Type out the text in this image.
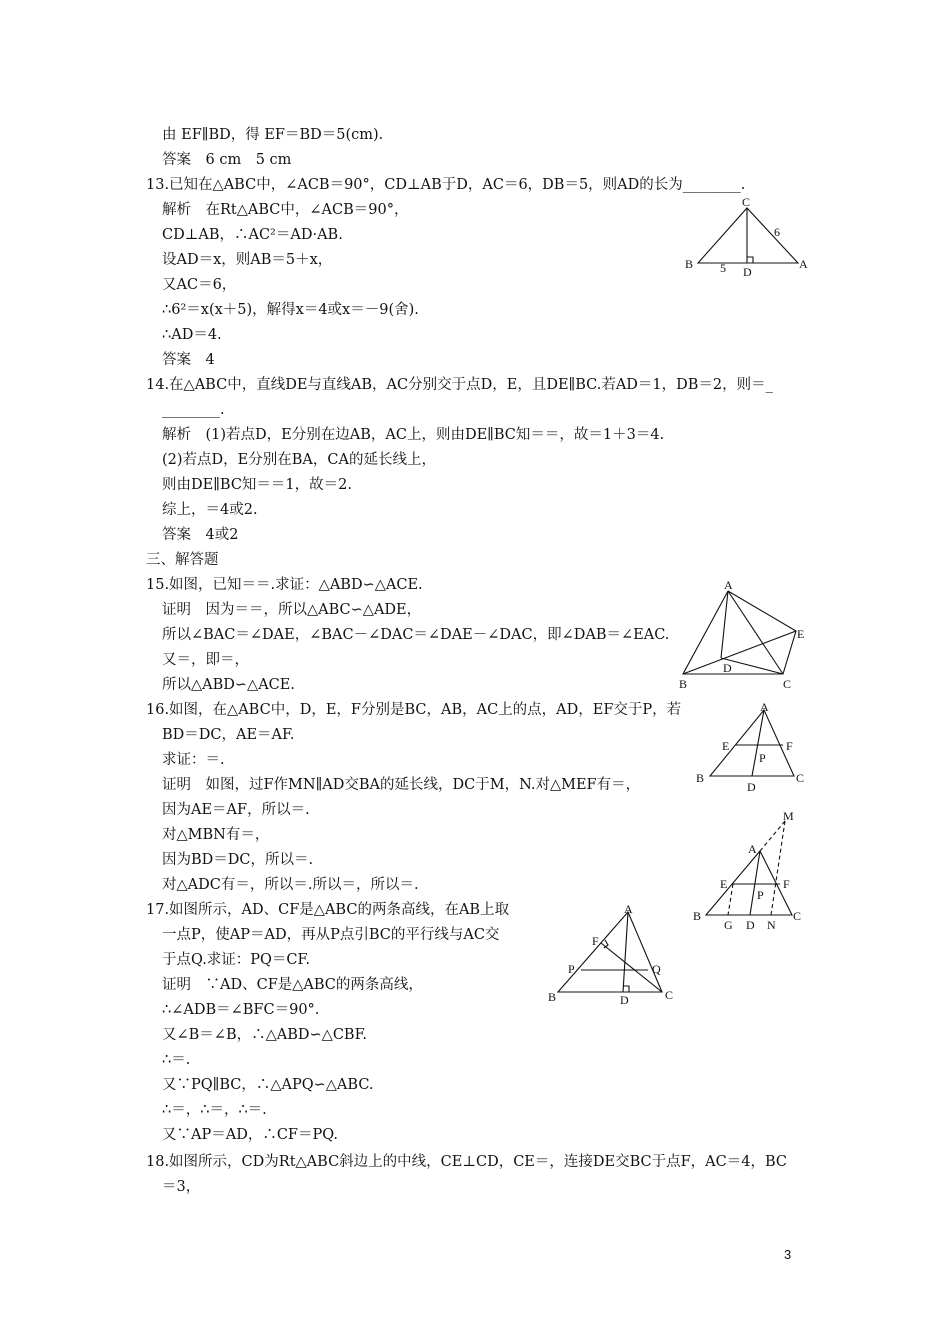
由 EF∥BD，得 EF＝BD＝5(cm).
答案　6 cm　5 cm
13.已知在△ABC中，∠ACB＝90°，CD⊥AB于D，AC＝6，DB＝5，则AD的长为________.
解析　在Rt△ABC中，∠ACB＝90°，
CD⊥AB，∴AC²＝AD·AB.
设AD＝x，则AB＝5＋x，
又AC＝6，
∴6²＝x(x＋5)，解得x＝4或x＝－9(舍).
∴AD＝4.
答案　4
14.在△ABC中，直线DE与直线AB，AC分别交于点D，E，且DE∥BC.若AD＝1，DB＝2，则＝_
________.
解析　(1)若点D，E分别在边AB，AC上，则由DE∥BC知＝＝，故＝1＋3＝4.
(2)若点D，E分别在BA，CA的延长线上，
则由DE∥BC知＝＝1，故＝2.
综上，＝4或2.
答案　4或2
三、解答题
15.如图，已知＝＝.求证：△ABD∽△ACE.
证明　因为＝＝，所以△ABC∽△ADE，
所以∠BAC＝∠DAE，∠BAC－∠DAC＝∠DAE－∠DAC，即∠DAB＝∠EAC.
又＝，即＝，
所以△ABD∽△ACE.
16.如图，在△ABC中，D，E，F分别是BC，AB，AC上的点，AD，EF交于P，若
BD＝DC，AE＝AF.
求证：＝.
证明　如图，过F作MN∥AD交BA的延长线，DC于M，N.对△MEF有＝，
因为AE＝AF，所以＝.
对△MBN有＝，
因为BD＝DC，所以＝.
对△ADC有＝，所以＝.所以＝，所以＝.
17.如图所示，AD、CF是△ABC的两条高线，在AB上取
一点P，使AP＝AD，再从P点引BC的平行线与AC交
于点Q.求证：PQ＝CF.
证明　∵AD、CF是△ABC的两条高线，
∴∠ADB＝∠BFC＝90°.
又∠B＝∠B，∴△ABD∽△CBF.
∴＝.
又∵PQ∥BC，∴△APQ∽△ABC.
∴＝，∴＝，∴＝.
又∵AP＝AD，∴CF＝PQ.
18.如图所示，CD为Rt△ABC斜边上的中线，CE⊥CD，CE＝，连接DE交BC于点F，AC＝4，BC
＝3，
3
C
B
D
A
5
6
A
E
D
B	C
A
E	F
P
B
D
C
M
A
E	F
P
B
G D N
C
A
F
P	Q
B	D	C
